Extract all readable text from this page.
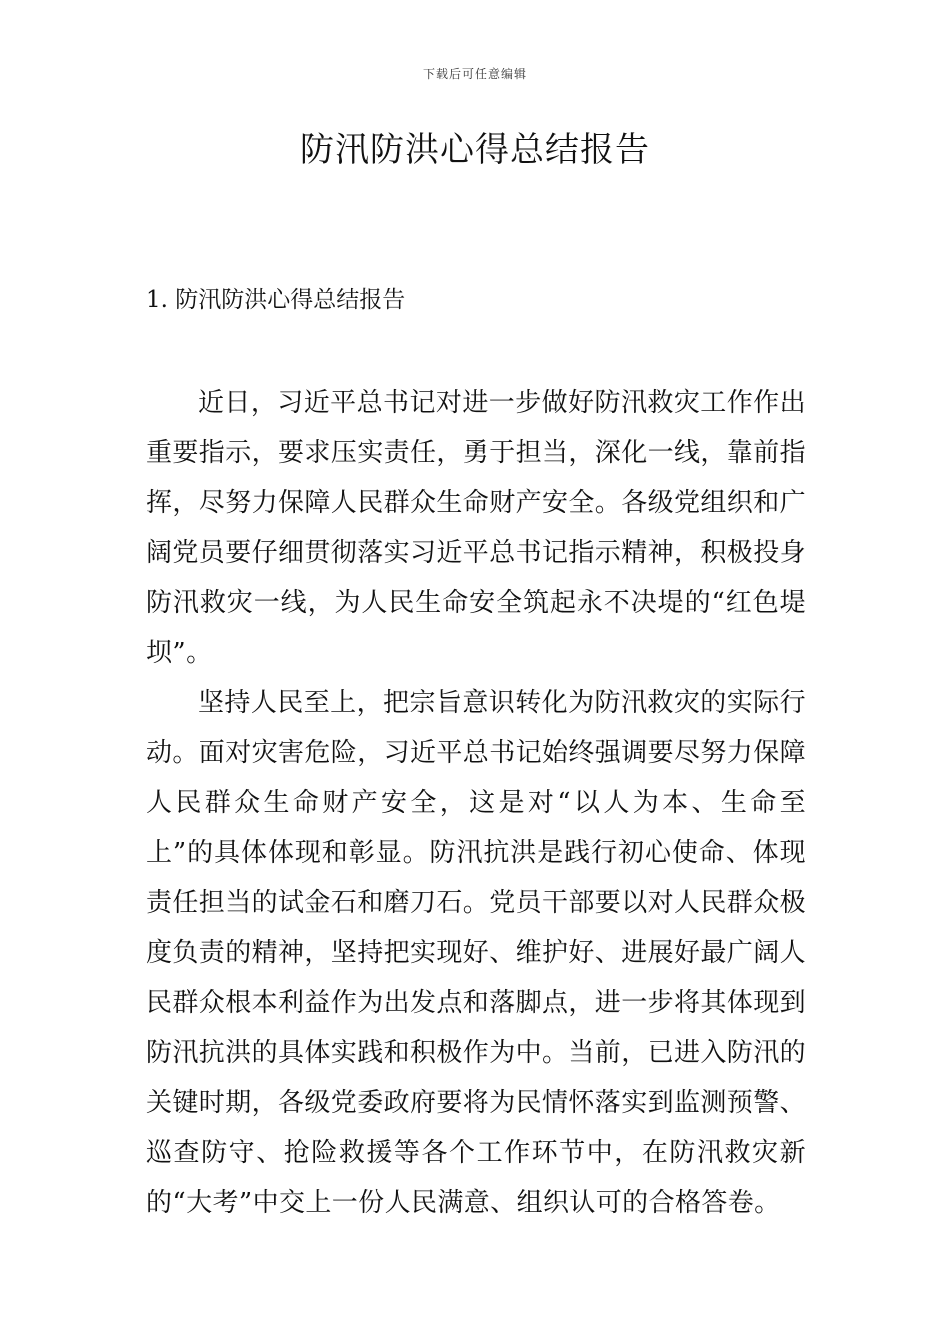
下载后可任意编辑
防汛防洪心得总结报告
1. 防汛防洪心得总结报告

近日，习近平总书记对进一步做好防汛救灾工作作出重要指示，要求压实责任，勇于担当，深化一线，靠前指挥，尽努力保障人民群众生命财产安全。各级党组织和广阔党员要仔细贯彻落实习近平总书记指示精神，积极投身防汛救灾一线，为人民生命安全筑起永不决堤的“红色堤坝”。

坚持人民至上，把宗旨意识转化为防汛救灾的实际行动。面对灾害危险，习近平总书记始终强调要尽努力保障人民群众生命财产安全，这是对“以人为本、生命至上”的具体体现和彰显。防汛抗洪是践行初心使命、体现责任担当的试金石和磨刀石。党员干部要以对人民群众极度负责的精神，坚持把实现好、维护好、进展好最广阔人民群众根本利益作为出发点和落脚点，进一步将其体现到防汛抗洪的具体实践和积极作为中。当前，已进入防汛的关键时期，各级党委政府要将为民情怀落实到监测预警、巡查防守、抢险救援等各个工作环节中，在防汛救灾新的“大考”中交上一份人民满意、组织认可的合格答卷。
